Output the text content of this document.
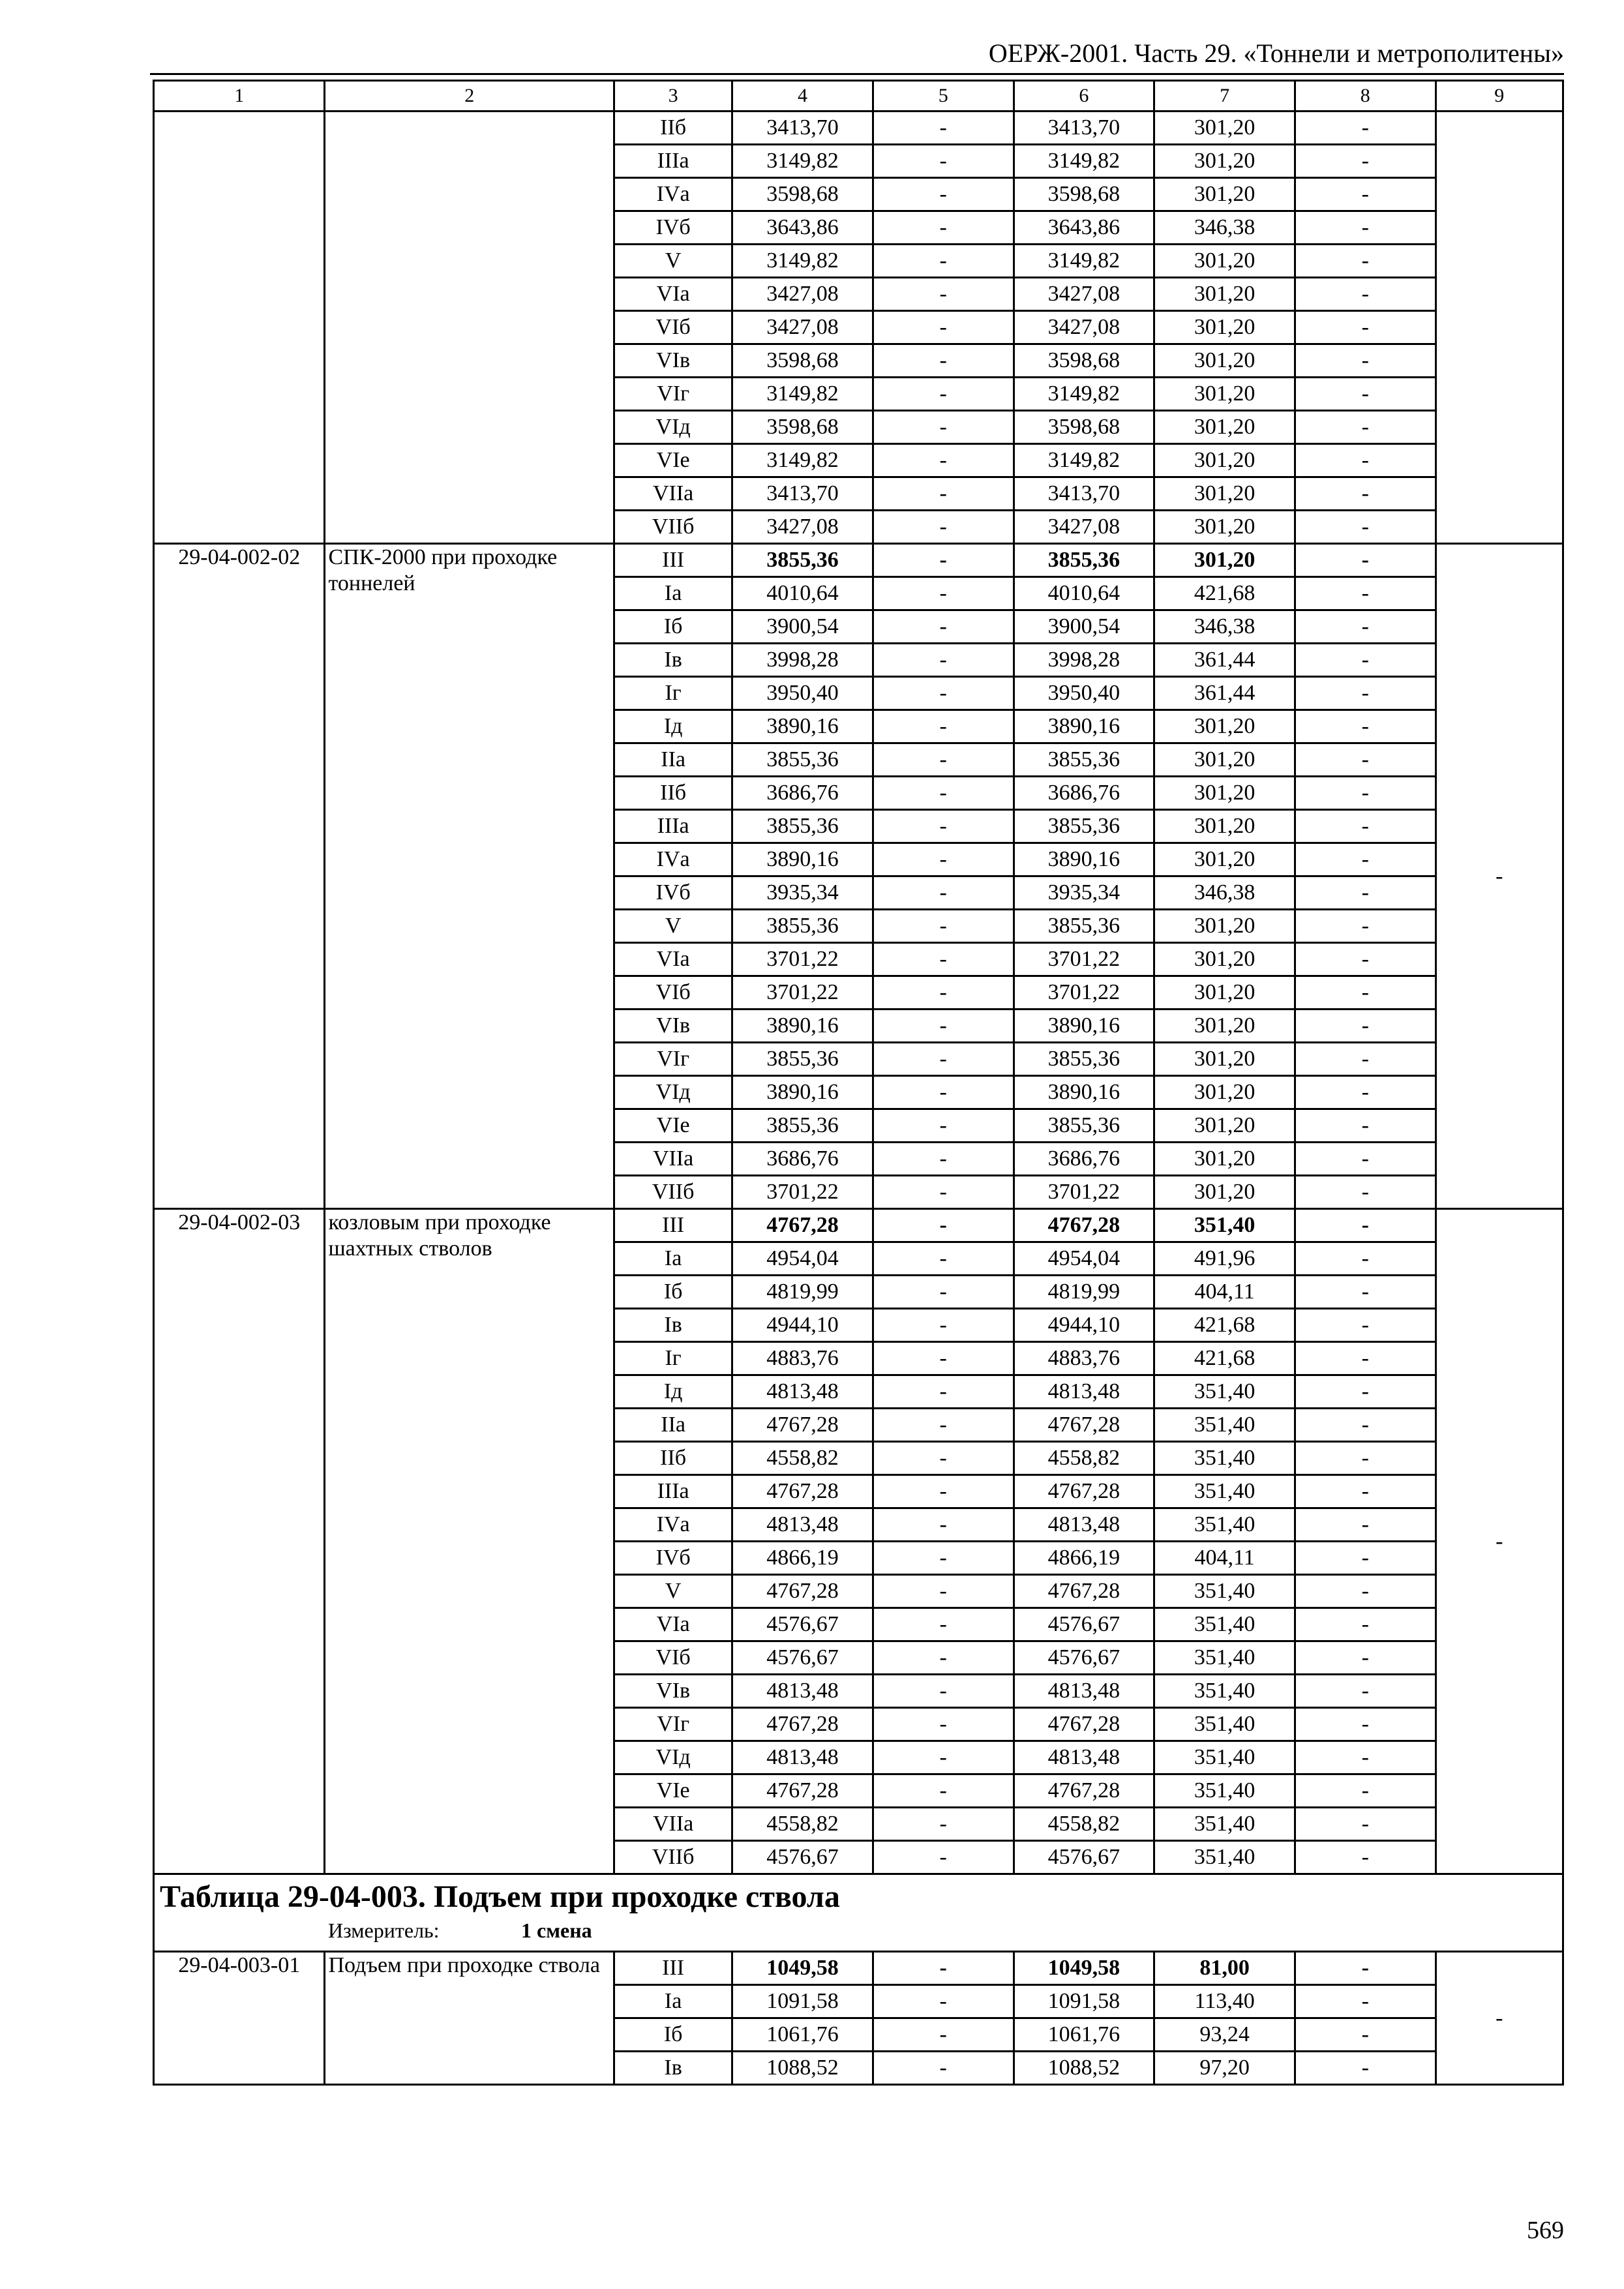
ОЕРЖ-2001. Часть 29. «Тоннели и метрополитены»
1	2	3	4	5	6	7	8	9
		IIб	3413,70	-	3413,70	301,20	-	
		IIIа	3149,82	-	3149,82	301,20	-	
		IVа	3598,68	-	3598,68	301,20	-	
		IVб	3643,86	-	3643,86	346,38	-	
		V	3149,82	-	3149,82	301,20	-	
		VIа	3427,08	-	3427,08	301,20	-	
		VIб	3427,08	-	3427,08	301,20	-	
		VIв	3598,68	-	3598,68	301,20	-	
		VIг	3149,82	-	3149,82	301,20	-	
		VIд	3598,68	-	3598,68	301,20	-	
		VIе	3149,82	-	3149,82	301,20	-	
		VIIа	3413,70	-	3413,70	301,20	-	
		VIIб	3427,08	-	3427,08	301,20	-	
29-04-002-02	СПК-2000 при проходке тоннелей	III	3855,36	-	3855,36	301,20	-	-
		Iа	4010,64	-	4010,64	421,68	-	
		Iб	3900,54	-	3900,54	346,38	-	
		Iв	3998,28	-	3998,28	361,44	-	
		Iг	3950,40	-	3950,40	361,44	-	
		Iд	3890,16	-	3890,16	301,20	-	
		IIа	3855,36	-	3855,36	301,20	-	
		IIб	3686,76	-	3686,76	301,20	-	
		IIIа	3855,36	-	3855,36	301,20	-	
		IVа	3890,16	-	3890,16	301,20	-	
		IVб	3935,34	-	3935,34	346,38	-	
		V	3855,36	-	3855,36	301,20	-	
		VIа	3701,22	-	3701,22	301,20	-	
		VIб	3701,22	-	3701,22	301,20	-	
		VIв	3890,16	-	3890,16	301,20	-	
		VIг	3855,36	-	3855,36	301,20	-	
		VIд	3890,16	-	3890,16	301,20	-	
		VIе	3855,36	-	3855,36	301,20	-	
		VIIа	3686,76	-	3686,76	301,20	-	
		VIIб	3701,22	-	3701,22	301,20	-	
29-04-002-03	козловым при проходке шахтных стволов	III	4767,28	-	4767,28	351,40	-	-
		Iа	4954,04	-	4954,04	491,96	-	
		Iб	4819,99	-	4819,99	404,11	-	
		Iв	4944,10	-	4944,10	421,68	-	
		Iг	4883,76	-	4883,76	421,68	-	
		Iд	4813,48	-	4813,48	351,40	-	
		IIа	4767,28	-	4767,28	351,40	-	
		IIб	4558,82	-	4558,82	351,40	-	
		IIIа	4767,28	-	4767,28	351,40	-	
		IVа	4813,48	-	4813,48	351,40	-	
		IVб	4866,19	-	4866,19	404,11	-	
		V	4767,28	-	4767,28	351,40	-	
		VIа	4576,67	-	4576,67	351,40	-	
		VIб	4576,67	-	4576,67	351,40	-	
		VIв	4813,48	-	4813,48	351,40	-	
		VIг	4767,28	-	4767,28	351,40	-	
		VIд	4813,48	-	4813,48	351,40	-	
		VIе	4767,28	-	4767,28	351,40	-	
		VIIа	4558,82	-	4558,82	351,40	-	
		VIIб	4576,67	-	4576,67	351,40	-	

Таблица 29-04-003. Подъем при проходке ствола
Измеритель: 1 смена								

29-04-003-01	Подъем при проходке ствола	III	1049,58	-	1049,58	81,00	-	-
		Iа	1091,58	-	1091,58	113,40	-	
		Iб	1061,76	-	1061,76	93,24	-	
		Iв	1088,52	-	1088,52	97,20	-	
569
